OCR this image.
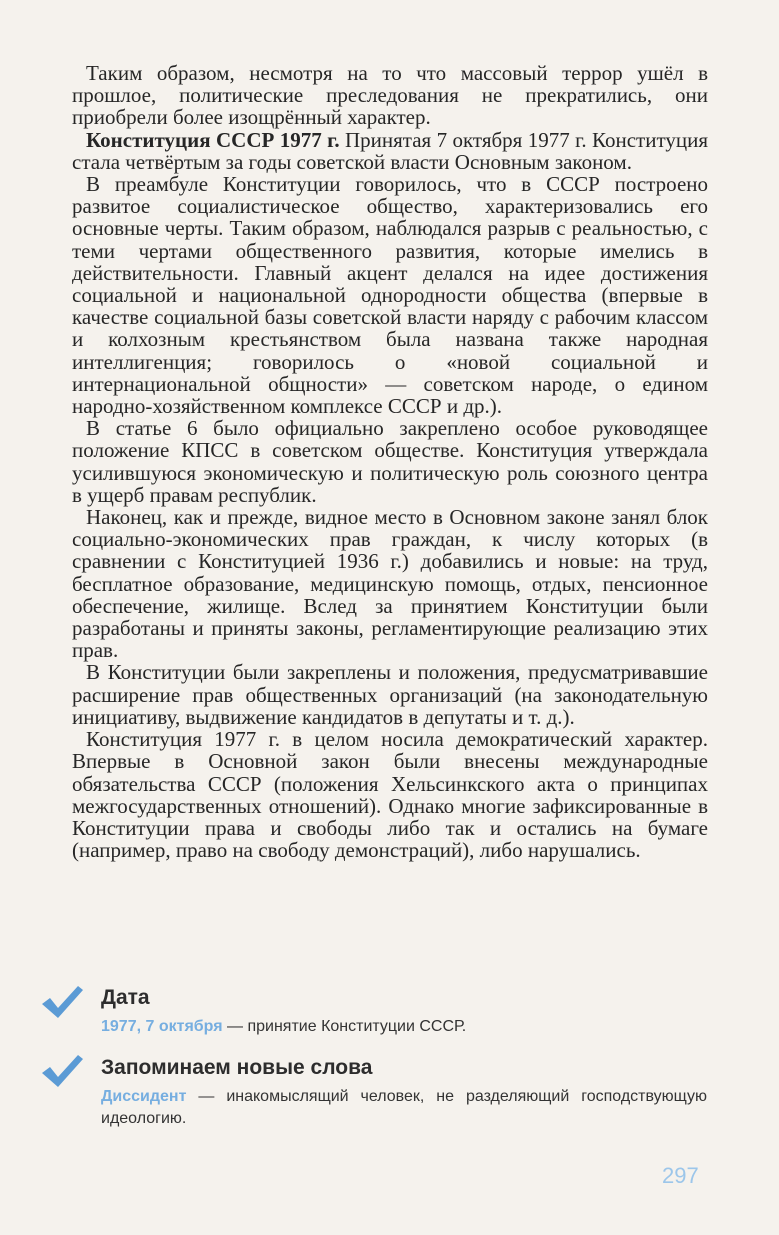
Таким образом, несмотря на то что массовый террор ушёл в прошлое, политические преследования не прекратились, они приобрели более изощрённый характер.

Конституция СССР 1977 г. Принятая 7 октября 1977 г. Конституция стала четвёртым за годы советской власти Основным законом.

В преамбуле Конституции говорилось, что в СССР построено развитое социалистическое общество, характеризовались его основные черты. Таким образом, наблюдался разрыв с реальностью, с теми чертами общественного развития, которые имелись в действительности. Главный акцент делался на идее достижения социальной и национальной однородности общества (впервые в качестве социальной базы советской власти наряду с рабочим классом и колхозным крестьянством была названа также народная интеллигенция; говорилось о «новой социальной и интернациональной общности» — советском народе, о едином народно-хозяйственном комплексе СССР и др.).

В статье 6 было официально закреплено особое руководящее положение КПСС в советском обществе. Конституция утверждала усилившуюся экономическую и политическую роль союзного центра в ущерб правам республик.

Наконец, как и прежде, видное место в Основном законе занял блок социально-экономических прав граждан, к числу которых (в сравнении с Конституцией 1936 г.) добавились и новые: на труд, бесплатное образование, медицинскую помощь, отдых, пенсионное обеспечение, жилище. Вслед за принятием Конституции были разработаны и приняты законы, регламентирующие реализацию этих прав.

В Конституции были закреплены и положения, предусматривавшие расширение прав общественных организаций (на законодательную инициативу, выдвижение кандидатов в депутаты и т. д.).

Конституция 1977 г. в целом носила демократический характер. Впервые в Основной закон были внесены международные обязательства СССР (положения Хельсинкского акта о принципах межгосударственных отношений). Однако многие зафиксированные в Конституции права и свободы либо так и остались на бумаге (например, право на свободу демонстраций), либо нарушались.

Дата
1977, 7 октября — принятие Конституции СССР.
Запоминаем новые слова
Диссидент — инакомыслящий человек, не разделяющий господствующую идеологию.
297
